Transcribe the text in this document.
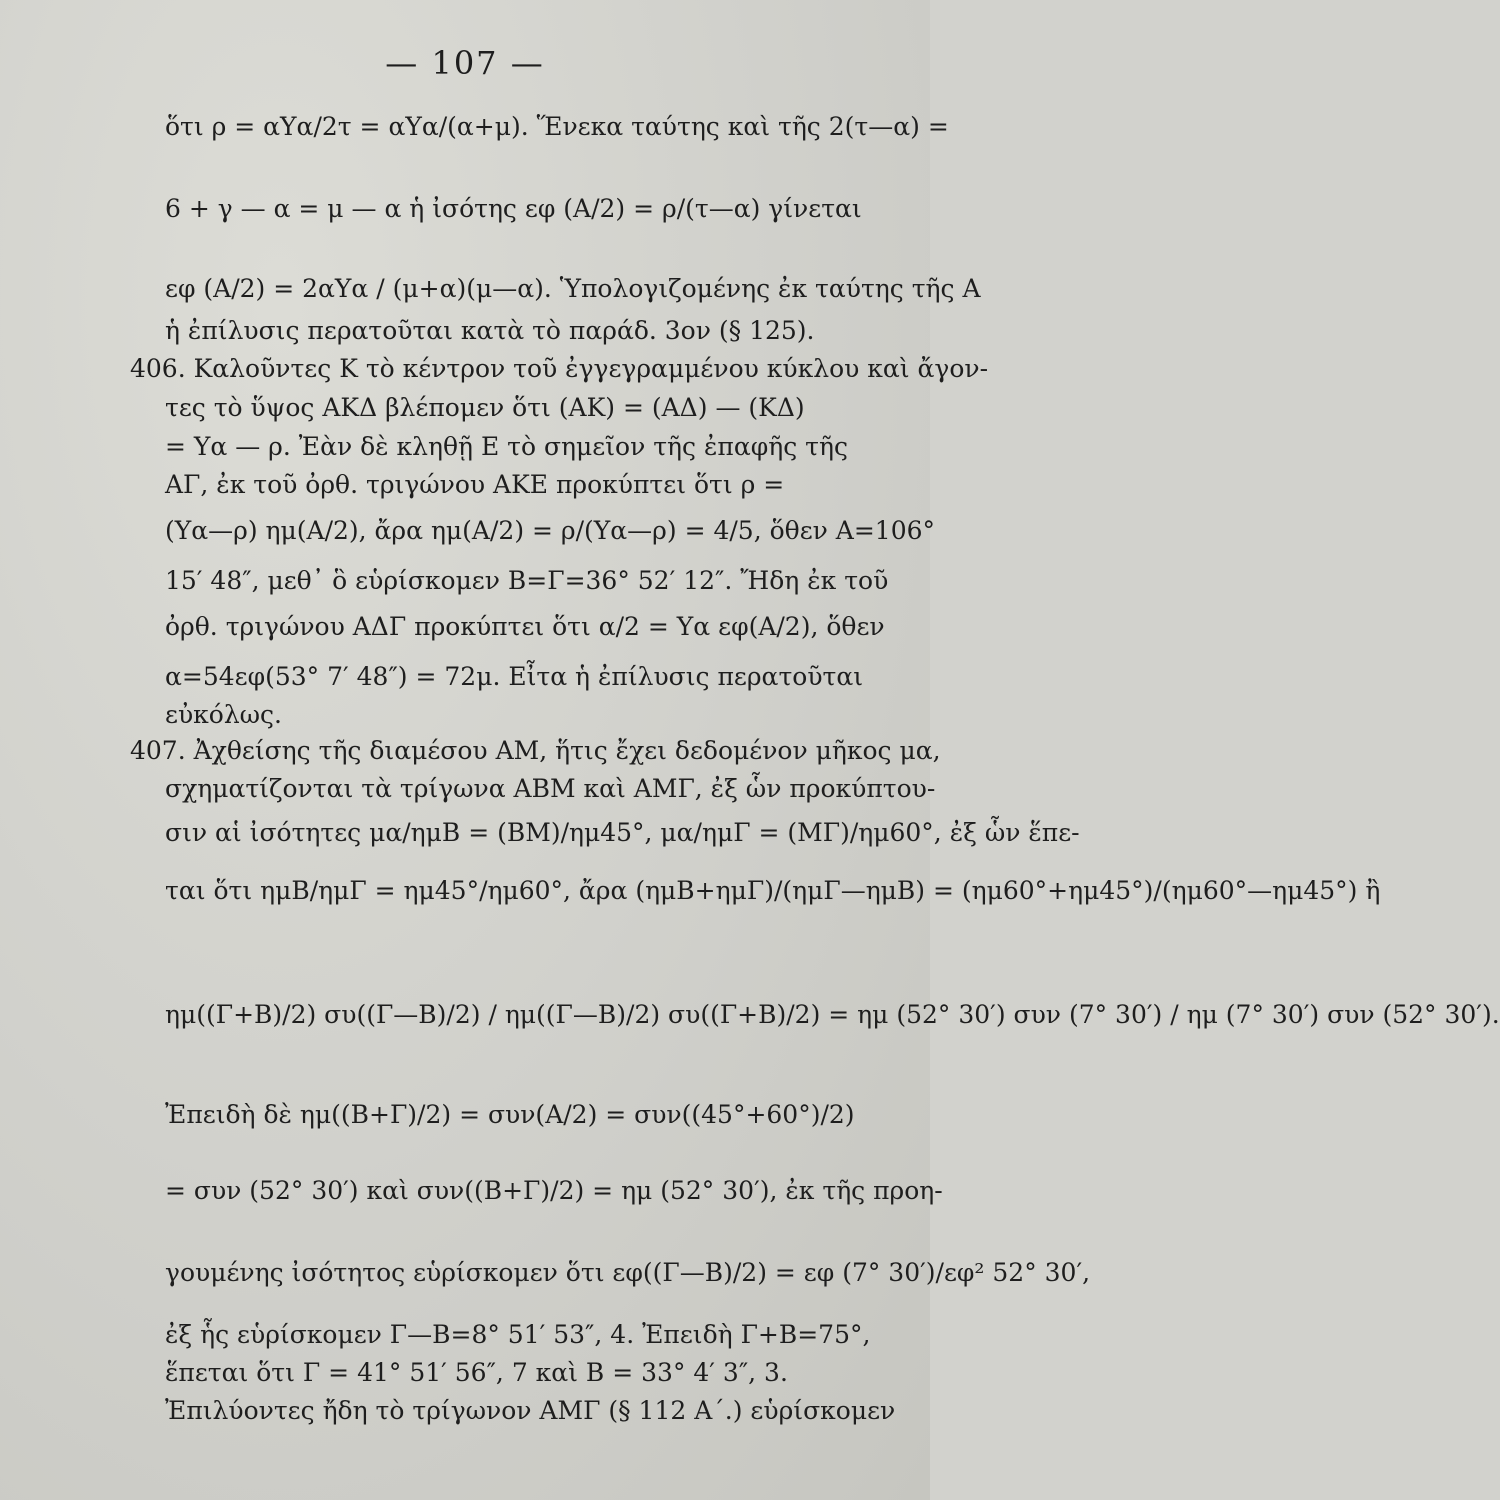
— 107 —
ὅτι ρ = αΥα/2τ = αΥα/(α+μ). Ἕνεκα ταύτης καὶ τῆς 2(τ—α) =
6 + γ — α = μ — α ἡ ἰσότης εφ (Α/2) = ρ/(τ—α) γίνεται
εφ (Α/2) = 2αΥα / (μ+α)(μ—α). Ὑπολογιζομένης ἐκ ταύτης τῆς Α
ἡ ἐπίλυσις περατοῦται κατὰ τὸ παράδ. 3ον (§ 125).
406. Καλοῦντες Κ τὸ κέντρον τοῦ ἐγγεγραμμένου κύκλου καὶ ἄγον-
τες τὸ ὕψος ΑΚΔ βλέπομεν ὅτι (ΑΚ) = (ΑΔ) — (ΚΔ)
= Υα — ρ. Ἐὰν δὲ κληθῇ Ε τὸ σημεῖον τῆς ἐπαφῆς τῆς
ΑΓ, ἐκ τοῦ ὀρθ. τριγώνου ΑΚΕ προκύπτει ὅτι ρ =
(Υα—ρ) ημ(Α/2), ἄρα ημ(Α/2) = ρ/(Υα—ρ) = 4/5, ὅθεν Α=106°
15′ 48″, μεθ᾽ ὃ εὑρίσκομεν Β=Γ=36° 52′ 12″. Ἤδη ἐκ τοῦ
ὀρθ. τριγώνου ΑΔΓ προκύπτει ὅτι α/2 = Υα εφ(Α/2), ὅθεν
α=54εφ(53° 7′ 48″) = 72μ. Εἶτα ἡ ἐπίλυσις περατοῦται
εὐκόλως.
407. Ἀχθείσης τῆς διαμέσου ΑΜ, ἥτις ἔχει δεδομένον μῆκος μα,
σχηματίζονται τὰ τρίγωνα ΑΒΜ καὶ ΑΜΓ, ἐξ ὧν προκύπτου-
σιν αἱ ἰσότητες μα/ημΒ = (ΒΜ)/ημ45°, μα/ημΓ = (ΜΓ)/ημ60°, ἐξ ὧν ἕπε-
ται ὅτι ημΒ/ημΓ = ημ45°/ημ60°, ἄρα (ημΒ+ημΓ)/(ημΓ—ημΒ) = (ημ60°+ημ45°)/(ημ60°—ημ45°) ἢ
ημ((Γ+Β)/2) συ((Γ—Β)/2) / ημ((Γ—Β)/2) συ((Γ+Β)/2) = ημ (52° 30′) συν (7° 30′) / ημ (7° 30′) συν (52° 30′).
Ἐπειδὴ δὲ ημ((Β+Γ)/2) = συν(Α/2) = συν((45°+60°)/2)
= συν (52° 30′) καὶ συν((Β+Γ)/2) = ημ (52° 30′), ἐκ τῆς προη-
γουμένης ἰσότητος εὑρίσκομεν ὅτι εφ((Γ—Β)/2) = εφ (7° 30′)/εφ² 52° 30′,
ἐξ ἧς εὑρίσκομεν Γ—Β=8° 51′ 53″, 4. Ἐπειδὴ Γ+Β=75°,
ἕπεται ὅτι Γ = 41° 51′ 56″, 7 καὶ Β = 33° 4′ 3″, 3.
Ἐπιλύοντες ἤδη τὸ τρίγωνον ΑΜΓ (§ 112 Α΄.) εὑρίσκομεν
